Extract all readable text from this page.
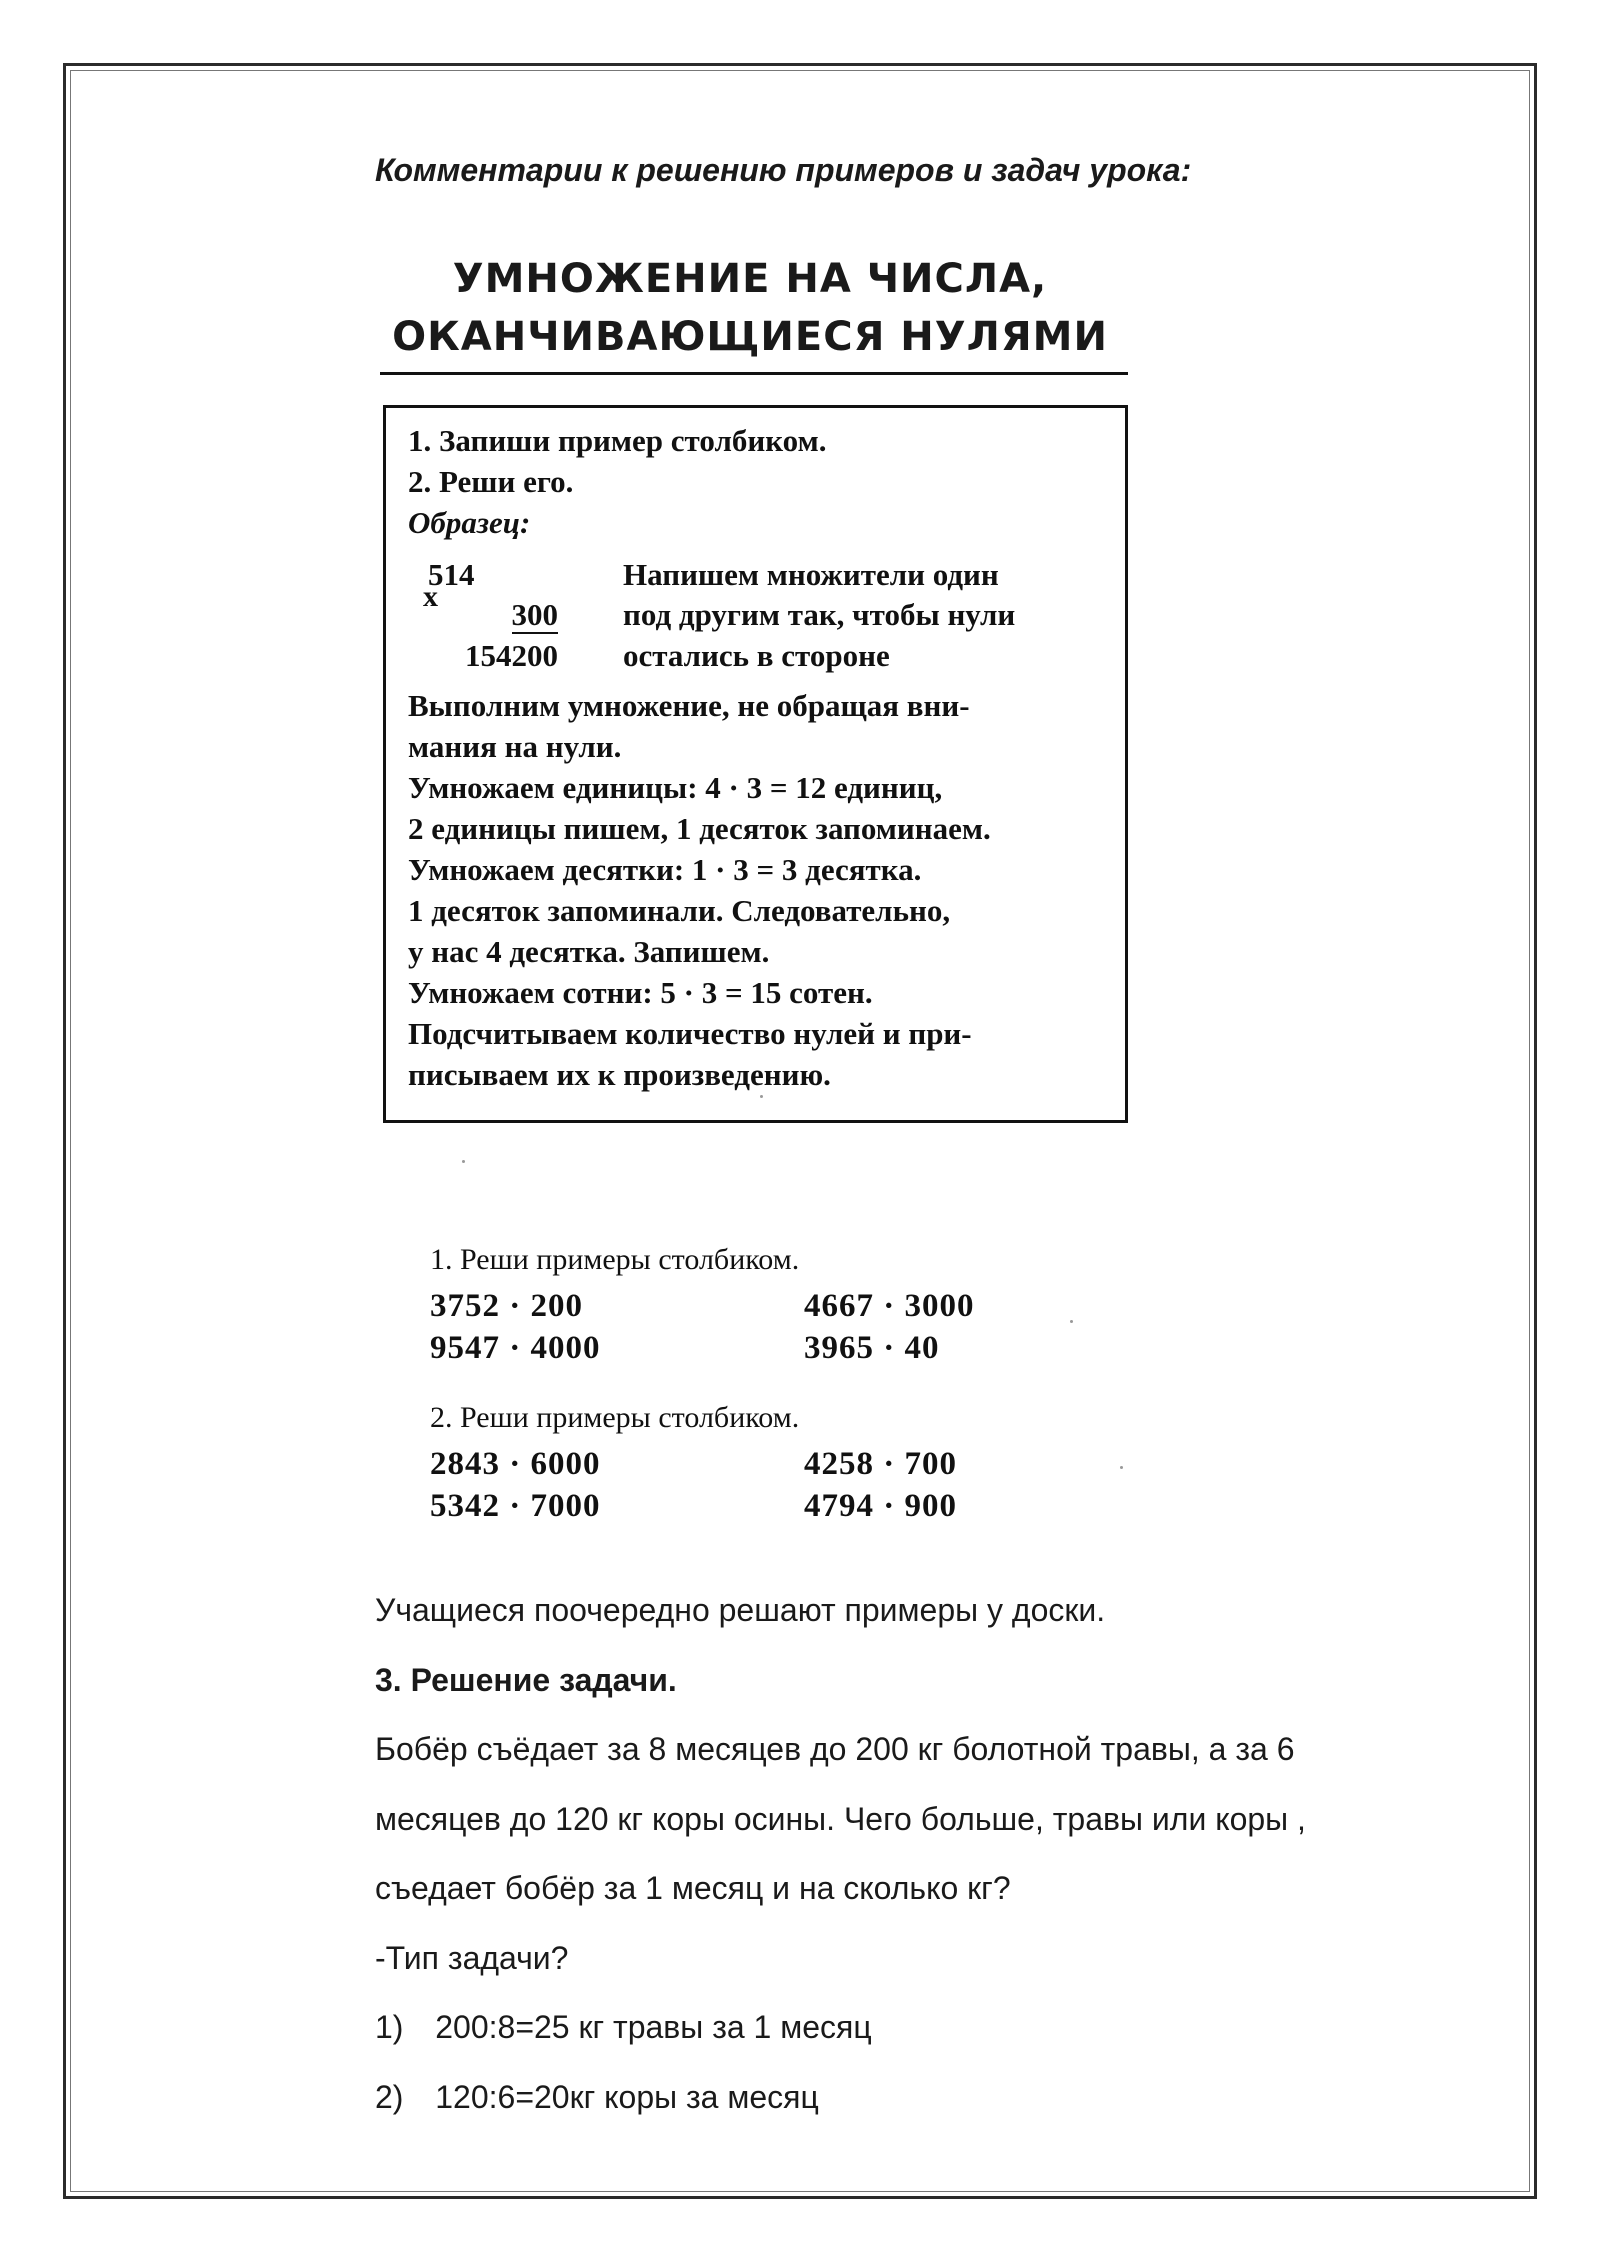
Комментарии к решению примеров и задач урока:
УМНОЖЕНИЕ НА ЧИСЛА,
ОКАНЧИВАЮЩИЕСЯ НУЛЯМИ
1. Запиши пример столбиком.
2. Реши его.
Образец:
x
514
300
154200
Напишем множители один
под другим так, чтобы нули
остались в стороне
Выполним умножение, не обращая вни-
мания на нули.
Умножаем единицы: 4 · 3 = 12 единиц,
2 единицы пишем, 1 десяток запоминаем.
Умножаем десятки: 1 · 3 = 3 десятка.
1 десяток запоминали. Следовательно,
у нас 4 десятка. Запишем.
Умножаем сотни: 5 · 3 = 15 сотен.
Подсчитываем количество нулей и при-
писываем их к произведению.
1. Реши примеры столбиком.
3752 · 200
9547 · 4000
4667 · 3000
3965 · 40
2. Реши примеры столбиком.
2843 · 6000
5342 · 7000
4258 · 700
4794 · 900
Учащиеся поочередно решают примеры у доски.
3. Решение задачи.
Бобёр съёдает за 8 месяцев до 200 кг болотной травы, а за 6
месяцев до 120 кг коры осины. Чего больше, травы или коры ,
съедает бобёр за 1 месяц и на сколько кг?
-Тип задачи?
1) 200:8=25 кг травы за 1 месяц
2) 120:6=20кг коры за месяц
